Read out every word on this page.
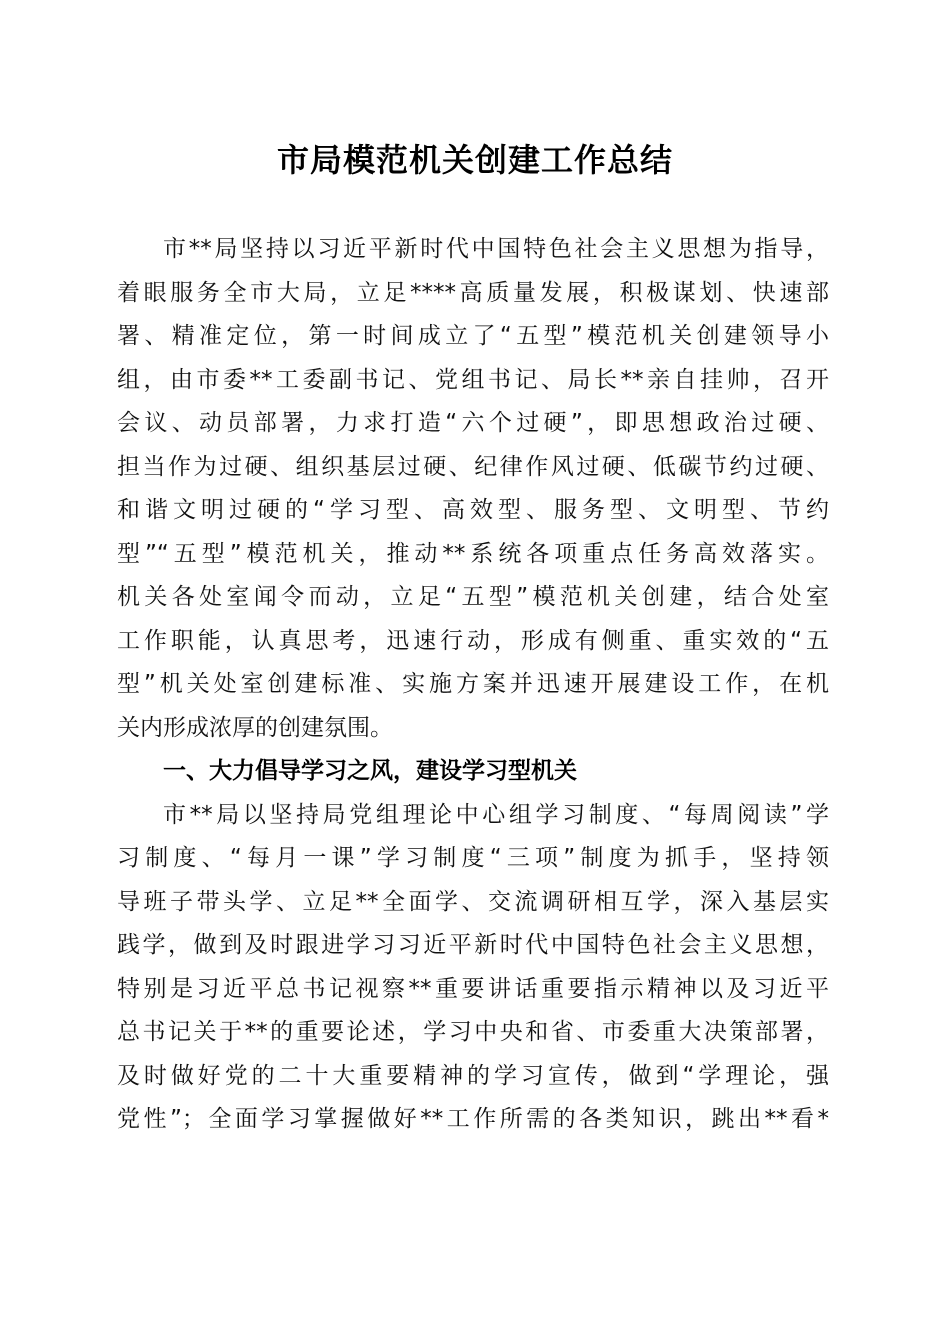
市局模范机关创建工作总结
市**局坚持以习近平新时代中国特色社会主义思想为指导，
着眼服务全市大局，立足****高质量发展，积极谋划、快速部
署、精准定位，第一时间成立了“五型”模范机关创建领导小
组，由市委**工委副书记、党组书记、局长**亲自挂帅，召开
会议、动员部署，力求打造“六个过硬”，即思想政治过硬、
担当作为过硬、组织基层过硬、纪律作风过硬、低碳节约过硬、
和谐文明过硬的“学习型、高效型、服务型、文明型、节约
型”“五型”模范机关，推动**系统各项重点任务高效落实。
机关各处室闻令而动，立足“五型”模范机关创建，结合处室
工作职能，认真思考，迅速行动，形成有侧重、重实效的“五
型”机关处室创建标准、实施方案并迅速开展建设工作，在机
关内形成浓厚的创建氛围。
一、大力倡导学习之风，建设学习型机关
市**局以坚持局党组理论中心组学习制度、“每周阅读”学
习制度、“每月一课”学习制度“三项”制度为抓手，坚持领
导班子带头学、立足**全面学、交流调研相互学，深入基层实
践学，做到及时跟进学习习近平新时代中国特色社会主义思想，
特别是习近平总书记视察**重要讲话重要指示精神以及习近平
总书记关于**的重要论述，学习中央和省、市委重大决策部署，
及时做好党的二十大重要精神的学习宣传，做到“学理论，强
党性”；全面学习掌握做好**工作所需的各类知识，跳出**看*
